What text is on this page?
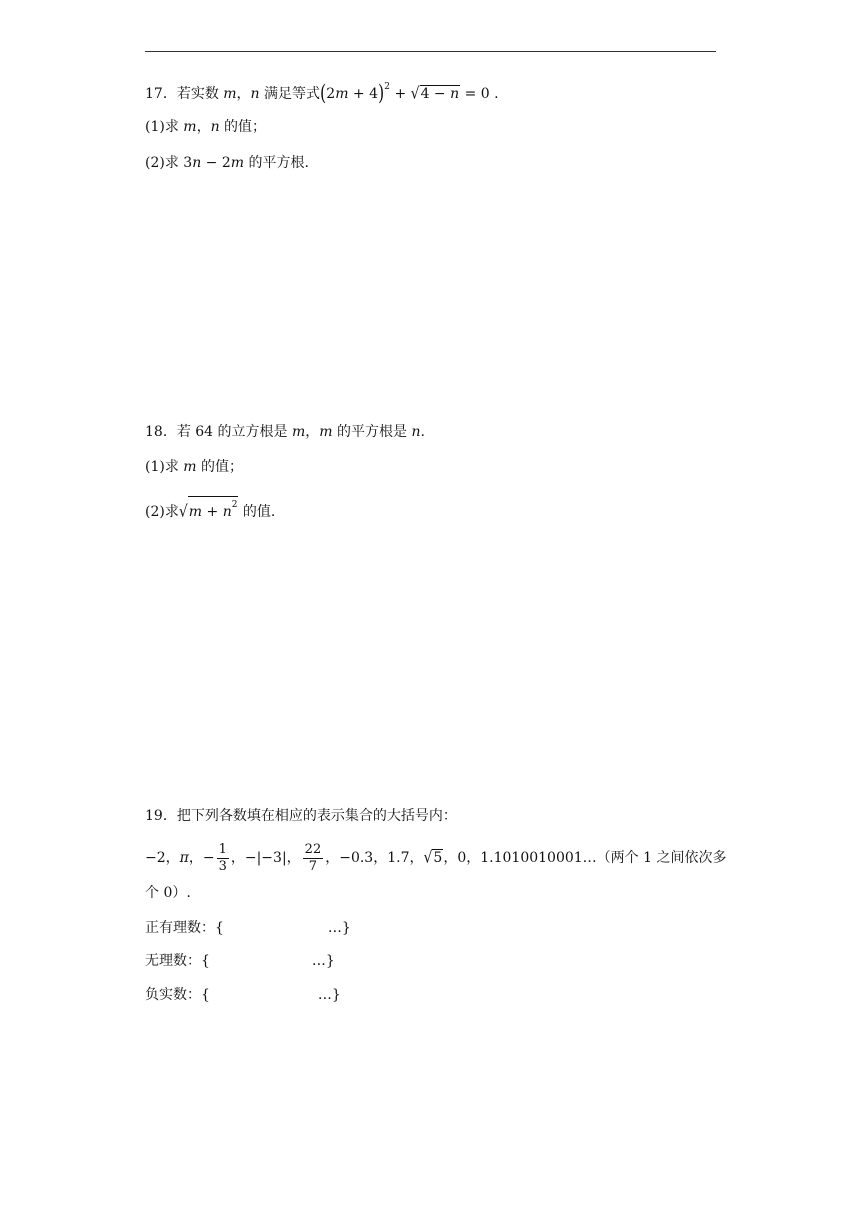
17．若实数 m，n 满足等式$(2m + 4)^2 + √4 - n = 0$ .
(1)求 m，n 的值；
(2)求 3n − 2m 的平方根.
18．若 64 的立方根是 m，m 的平方根是 n.
(1)求 m 的值；
(2)求$√m + n^2$ 的值.
19．把下列各数填在相应的表示集合的大括号内：
−2，π，− $\frac{1}{3}$ ，−|−3|， $\frac{22}{7}$ ，−0.3，1.7，√5，0，1.1010010001…（两个 1 之间依次多
个 0）.
正有理数：{	…}
无理数：{	…}
负实数：{	…}
